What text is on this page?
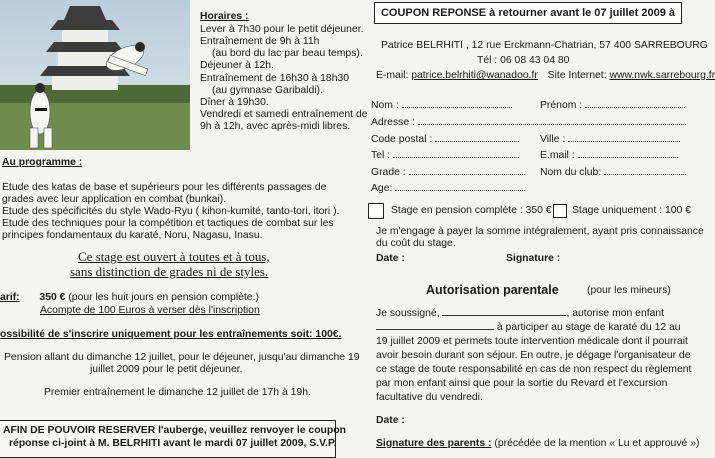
Horaires :
Lever à 7h30 pour le petit déjeuner.
Entraînement de 9h à 11h
(au bord du lac par beau temps).
Déjeuner à 12h.
Entraînement de 16h30 à 18h30
(au gymnase Garibaldi).
Dîner à 19h30.
Vendredi et samedi entraînement de
9h à 12h, avec après-midi libres.
Au programme :
Etude des katas de base et supérieurs pour les différents passages de
grades avec leur application en combat (bunkai).
Etude des spécificités du style Wado-Ryu ( kihon-kumité, tanto-tori, itori ).
Etude des techniques pour la compétition et tactiques de combat sur les
principes fondamentaux du karaté, Noru, Nagasu, Inasu.
Ce stage est ouvert à toutes et à tous,
sans distinction de grades ni de styles.
arif: 350 € (pour les huit jours en pension complète.)
Acompte de 100 Euros à verser dès l'inscription
ossibilité de s'inscrire uniquement pour les entraînements soit: 100€.
Pension allant du dimanche 12 juillet, pour le déjeuner, jusqu'au dimanche 19
juillet 2009 pour le petit déjeuner.
Premier entraînement le dimanche 12 juillet de 17h à 19h.
AFIN DE POUVOIR RESERVER l'auberge, veuillez renvoyer le coupon
réponse ci-joint à M. BELRHITI avant le mardi 07 juillet 2009, S.V.P.
COUPON REPONSE à retourner avant le 07 juillet 2009 à
Patrice BELRHITI , 12 rue Erckmann-Chatrian, 57 400 SARREBOURG
Tél : 06 08 43 04 80
E-mail: patrice.belrhiti@wanadoo.fr Site Internet: www.nwk.sarrebourg.fr
Nom :	Prénom :
Adresse :
Code postal :	Ville :
Tel :	E.mail :
Grade :	Nom du club:
Age:
Stage en pension complète : 350 € Stage uniquement : 100 €
Je m'engage à payer la somme intégralement, ayant pris connaissance
du coût du stage.
Date :	Signature :
Autorisation parentale	(pour les mineurs)
Je soussigné,	, autorise mon enfant
à participer au stage de karaté du 12 au
19 juillet 2009 et permets toute intervention médicale dont il pourrait
avoir besoin durant son séjour. En outre, je dégage l'organisateur de
ce stage de toute responsabilité en cas de non respect du règlement
par mon enfant ainsi que pour la sortie du Revard et l'excursion
facultative du vendredi.
Date :
Signature des parents : (précédée de la mention « Lu et approuvé »)
